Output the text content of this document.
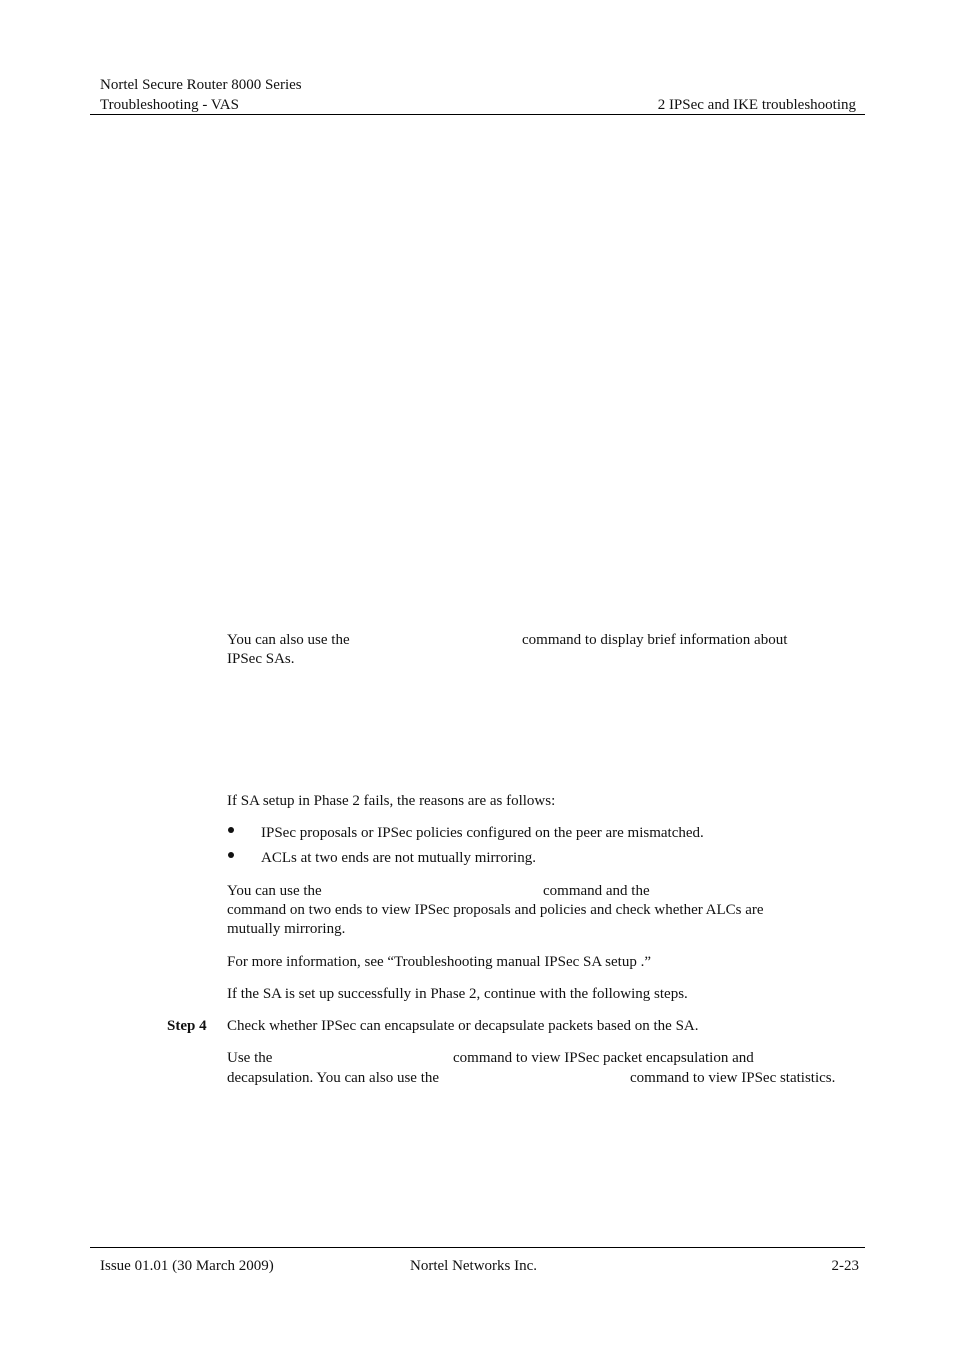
Nortel Secure Router 8000 Series
Troubleshooting - VAS	2 IPSec and IKE troubleshooting
You can also use the	command to display brief information about
IPSec SAs.
If SA setup in Phase 2 fails, the reasons are as follows:
IPSec proposals or IPSec policies configured on the peer are mismatched.
ACLs at two ends are not mutually mirroring.
You can use the	command and the
command on two ends to view IPSec proposals and policies and check whether ALCs are
mutually mirroring.
For more information, see “Troubleshooting manual IPSec SA setup .”
If the SA is set up successfully in Phase 2, continue with the following steps.
Step 4 Check whether IPSec can encapsulate or decapsulate packets based on the SA.
Use the	command to view IPSec packet encapsulation and
decapsulation. You can also use the	command to view IPSec statistics.
Issue 01.01 (30 March 2009)	Nortel Networks Inc.	2-23
